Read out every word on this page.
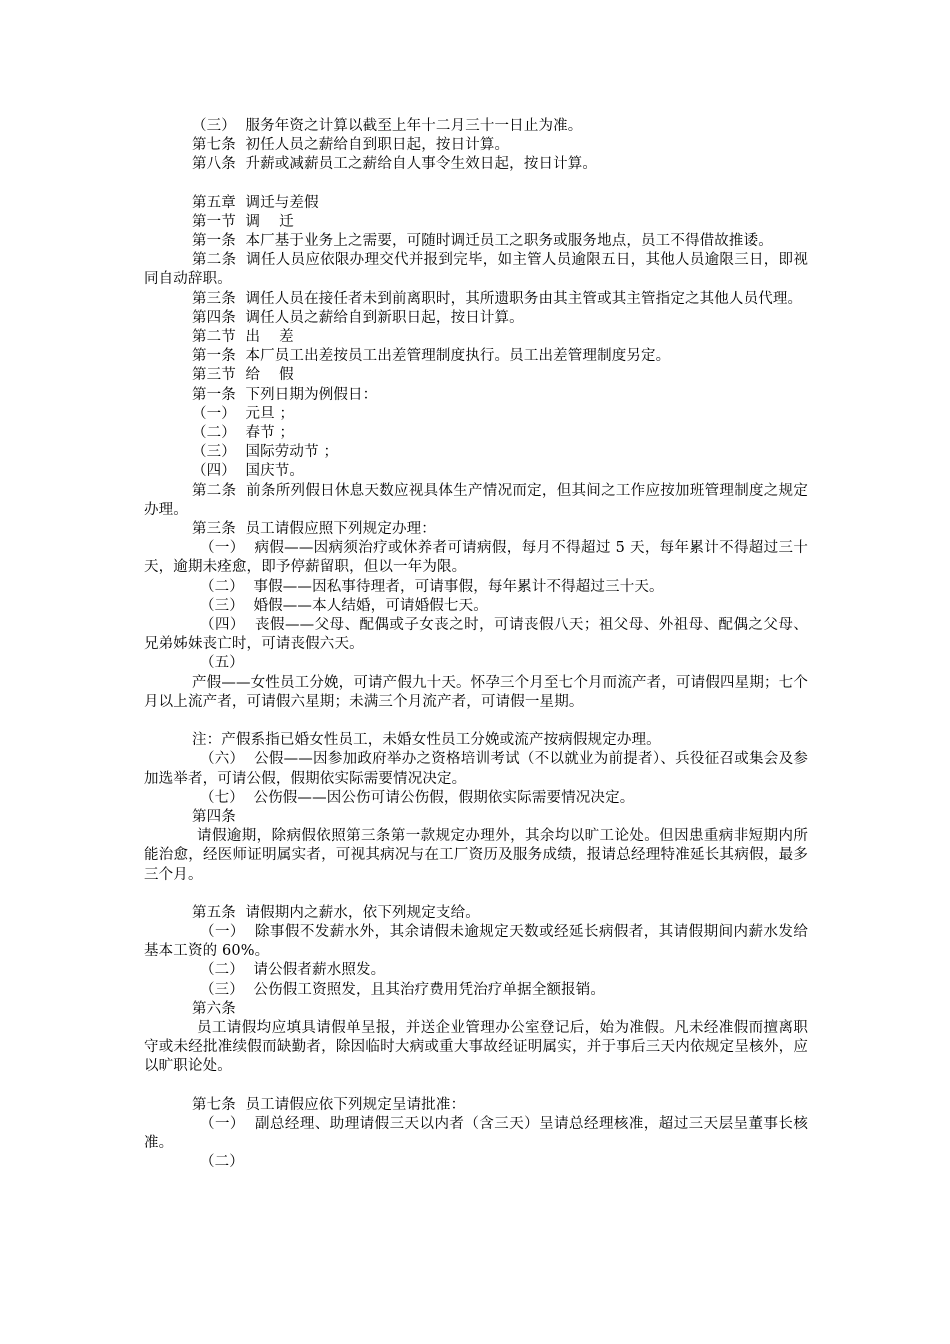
（三）  服务年资之计算以截至上年十二月三十一日止为准。
第七条  初任人员之薪给自到职日起，按日计算。
第八条  升薪或减薪员工之薪给自人事令生效日起，按日计算。
第五章  调迁与差假
第一节  调    迁
第一条  本厂基于业务上之需要，可随时调迁员工之职务或服务地点，员工不得借故推诿。
第二条  调任人员应依限办理交代并报到完毕，如主管人员逾限五日，其他人员逾限三日，即视同自动辞职。
第三条  调任人员在接任者未到前离职时，其所遗职务由其主管或其主管指定之其他人员代理。
第四条  调任人员之薪给自到新职日起，按日计算。
第二节  出    差
第一条  本厂员工出差按员工出差管理制度执行。员工出差管理制度另定。
第三节  给    假
第一条  下列日期为例假日：
（一）  元旦 ；
（二）  春节 ；
（三）  国际劳动节 ；
（四）  国庆节。
第二条  前条所列假日休息天数应视具体生产情况而定，但其间之工作应按加班管理制度之规定办理。
第三条  员工请假应照下列规定办理：
（一）  病假——因病须治疗或休养者可请病假，每月不得超过 5 天，每年累计不得超过三十天，逾期未痊愈，即予停薪留职，但以一年为限。
（二）  事假——因私事待理者，可请事假，每年累计不得超过三十天。
（三）  婚假——本人结婚，可请婚假七天。
（四）  丧假——父母、配偶或子女丧之时，可请丧假八天；祖父母、外祖母、配偶之父母、兄弟姊妹丧亡时，可请丧假六天。
（五）
产假——女性员工分娩，可请产假九十天。怀孕三个月至七个月而流产者，可请假四星期；七个月以上流产者，可请假六星期；未满三个月流产者，可请假一星期。
注：产假系指已婚女性员工，未婚女性员工分娩或流产按病假规定办理。
（六）  公假——因参加政府举办之资格培训考试（不以就业为前提者）、兵役征召或集会及参加选举者，可请公假，假期依实际需要情况决定。
（七）  公伤假——因公伤可请公伤假，假期依实际需要情况决定。
第四条
请假逾期，除病假依照第三条第一款规定办理外，其余均以旷工论处。但因患重病非短期内所能治愈，经医师证明属实者，可视其病况与在工厂资历及服务成绩，报请总经理特准延长其病假，最多三个月。
第五条  请假期内之薪水，依下列规定支给。
（一）  除事假不发薪水外，其余请假未逾规定天数或经延长病假者，其请假期间内薪水发给基本工资的 60%。
（二）  请公假者薪水照发。
（三）  公伤假工资照发，且其治疗费用凭治疗单据全额报销。
第六条
员工请假均应填具请假单呈报，并送企业管理办公室登记后，始为准假。凡未经准假而擅离职守或未经批准续假而缺勤者，除因临时大病或重大事故经证明属实，并于事后三天内依规定呈核外，应以旷职论处。
第七条  员工请假应依下列规定呈请批准：
（一）  副总经理、助理请假三天以内者（含三天）呈请总经理核准，超过三天层呈董事长核准。
（二）
